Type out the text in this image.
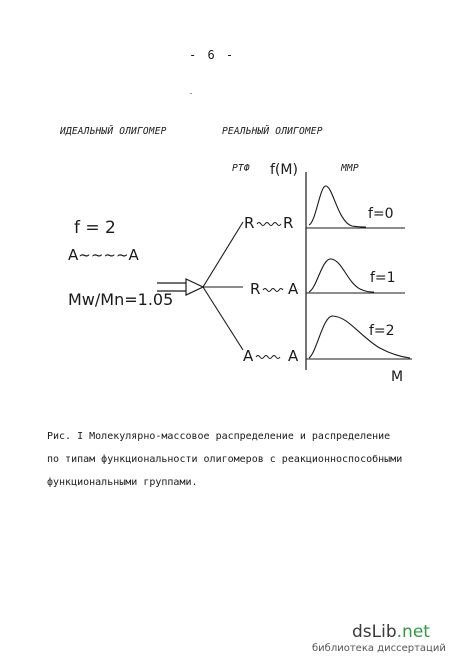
- 6 -
ИДЕАЛЬНЫЙ ОЛИГОМЕР	РЕАЛЬНЫЙ ОЛИГОМЕР
РТФ f(M)	ММР
f = 2
A~~~~A
Mw/Mn=1.05
R R
R A
A A
f=0
f=1
f=2
M
Рис. I Молекулярно-массовое распределение и распределение по типам функциональности олигомеров с реакционноспособными функциональными группами.
dsLib.net
библиотека диссертаций
